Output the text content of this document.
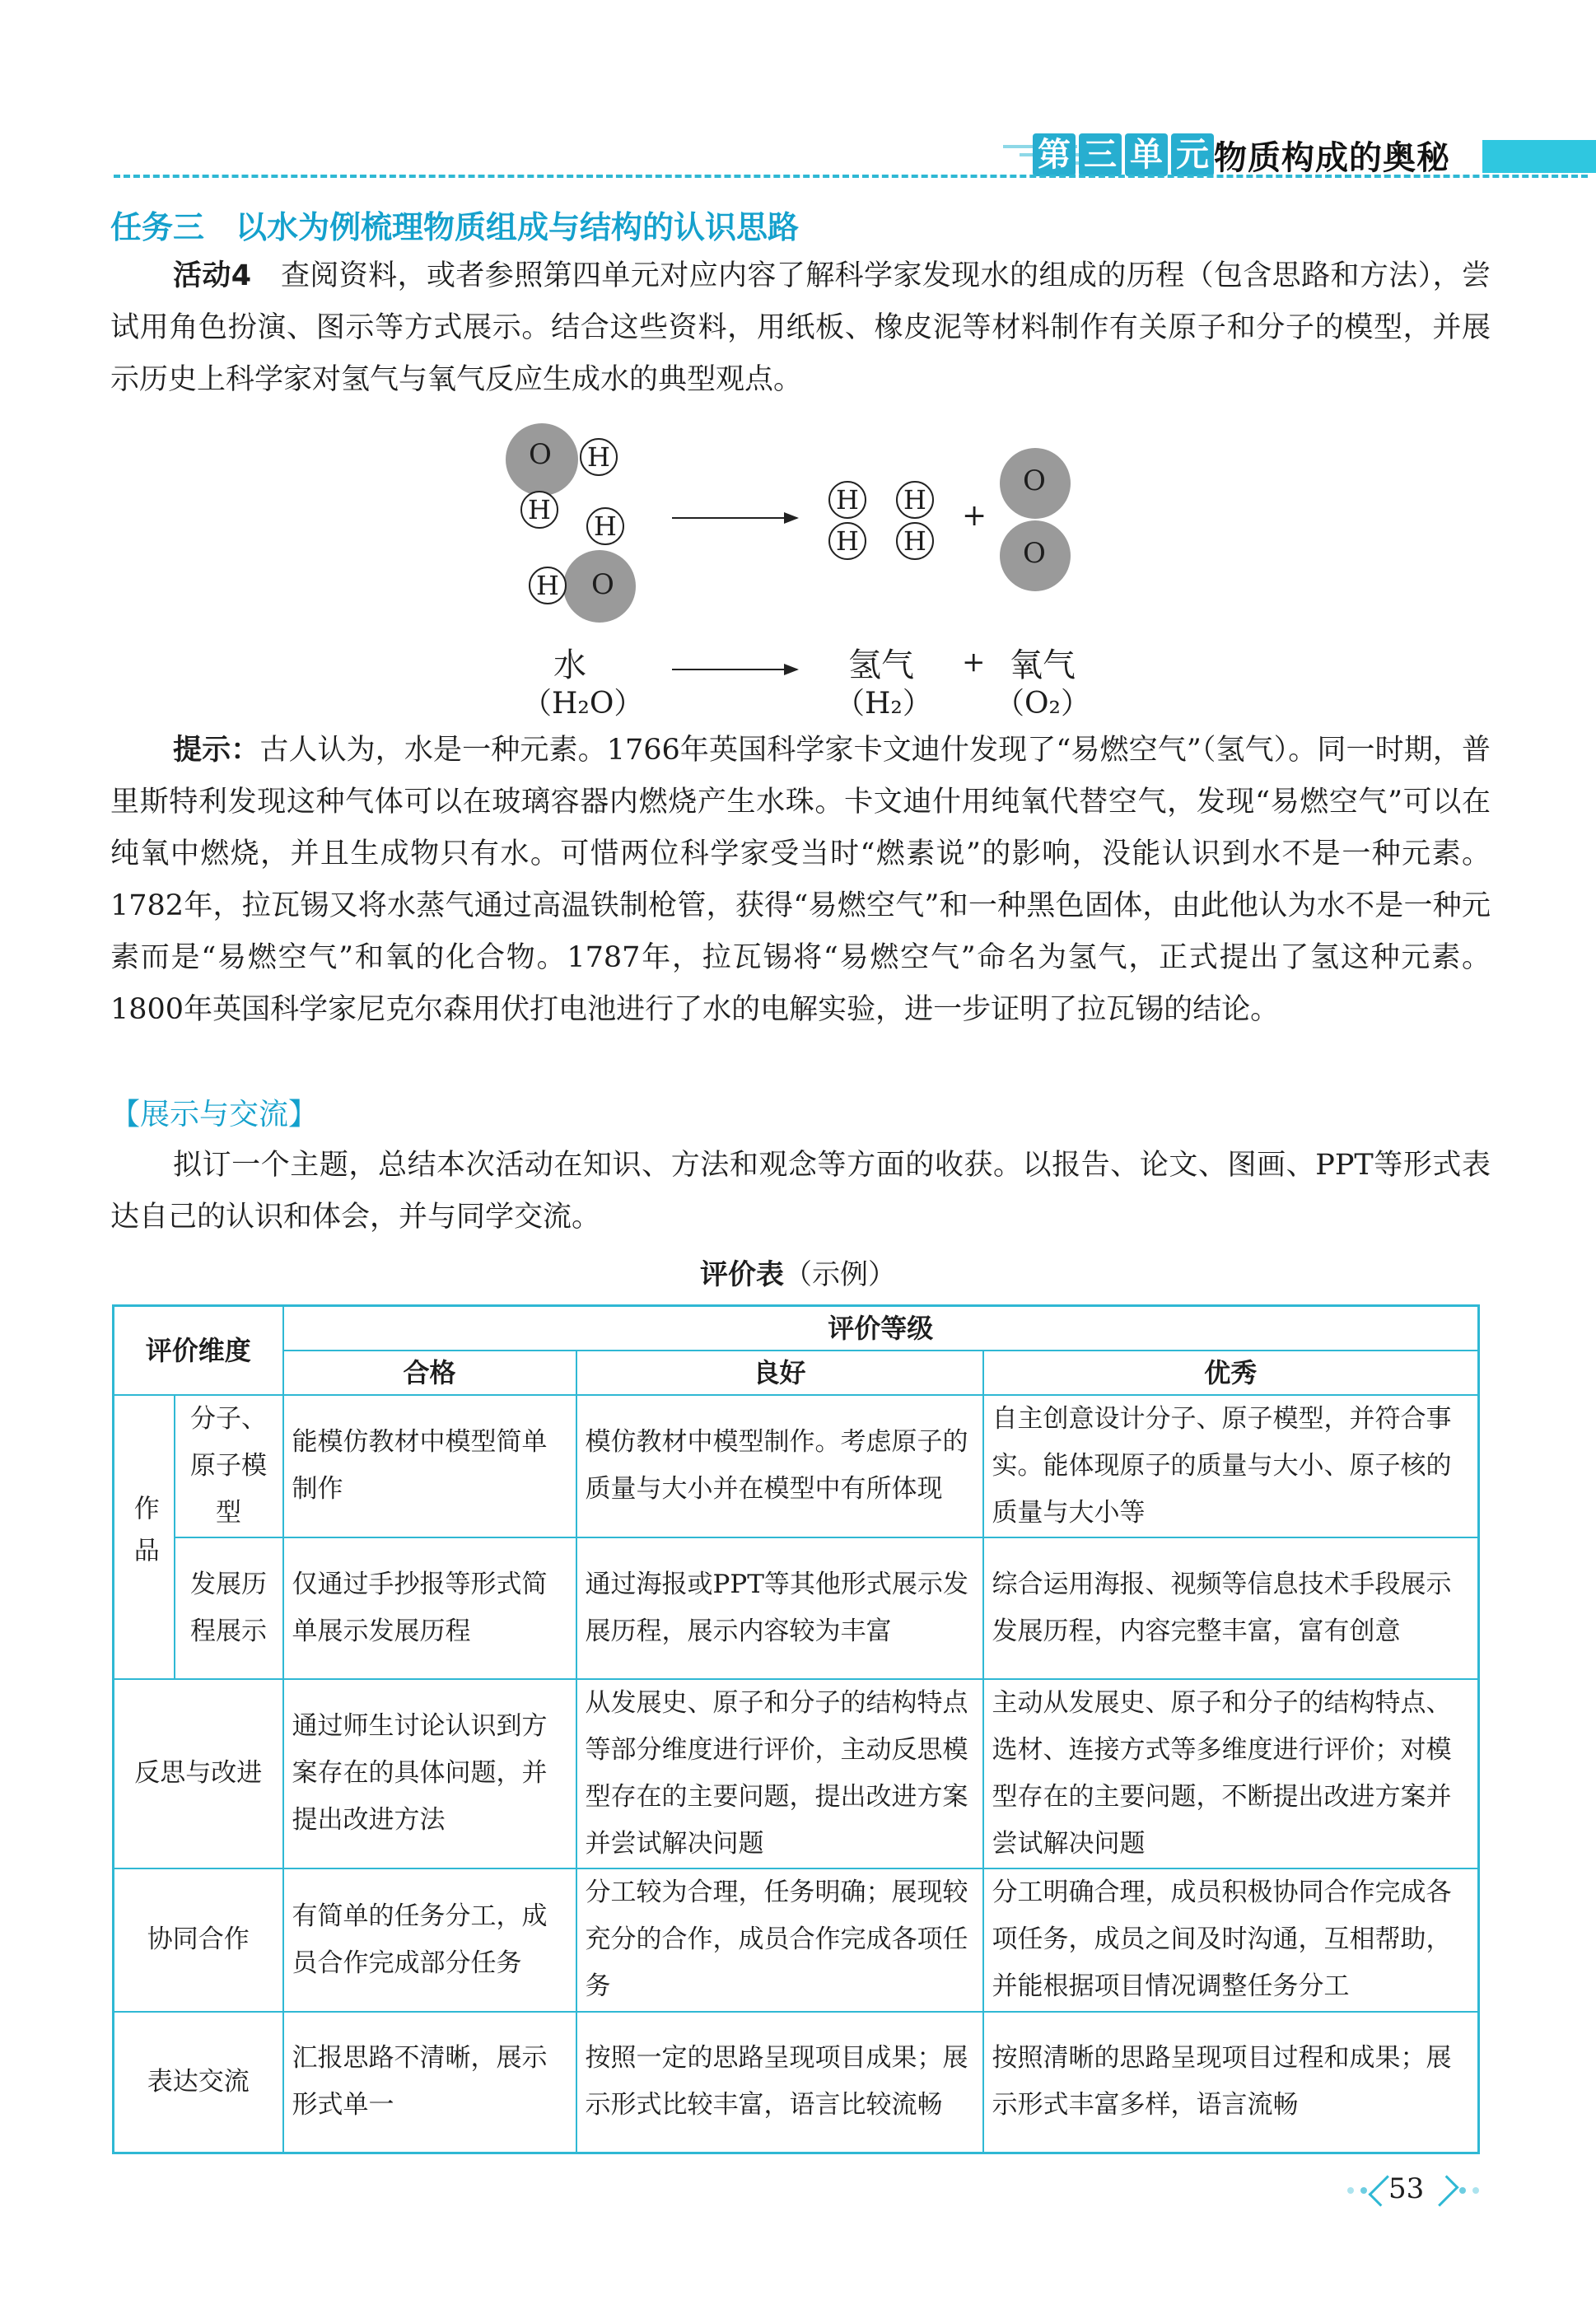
第 三 单 元 物质构成的奥秘
任务三　以水为例梳理物质组成与结构的认识思路
活动4　查阅资料，或者参照第四单元对应内容了解科学家发现水的组成的历程（包含思路和方法），尝试用角色扮演、图示等方式展示。结合这些资料，用纸板、橡皮泥等材料制作有关原子和分子的模型，并展示历史上科学家对氢气与氧气反应生成水的典型观点。
O H
H
H
O
H
H
H
H
H
+
O
O
水
（H₂O）
氢气
（H₂）
+ 氧气
（O₂）
提示：古人认为，水是一种元素。1766年英国科学家卡文迪什发现了“易燃空气”（氢气）。同一时期，普里斯特利发现这种气体可以在玻璃容器内燃烧产生水珠。卡文迪什用纯氧代替空气，发现“易燃空气”可以在纯氧中燃烧，并且生成物只有水。可惜两位科学家受当时“燃素说”的影响，没能认识到水不是一种元素。1782年，拉瓦锡又将水蒸气通过高温铁制枪管，获得“易燃空气”和一种黑色固体，由此他认为水不是一种元素而是“易燃空气”和氧的化合物。1787年，拉瓦锡将“易燃空气”命名为氢气，正式提出了氢这种元素。1800年英国科学家尼克尔森用伏打电池进行了水的电解实验，进一步证明了拉瓦锡的结论。
【展示与交流】
拟订一个主题，总结本次活动在知识、方法和观念等方面的收获。以报告、论文、图画、PPT等形式表达自己的认识和体会，并与同学交流。
评价表（示例）
评价维度		评价等级		
		合格	良好	优秀
作品	分子、原子模型	能模仿教材中模型简单制作	模仿教材中模型制作。考虑原子的质量与大小并在模型中有所体现	自主创意设计分子、原子模型，并符合事实。能体现原子的质量与大小、原子核的质量与大小等
	发展历程展示	仅通过手抄报等形式简单展示发展历程	通过海报或PPT等其他形式展示发展历程，展示内容较为丰富	综合运用海报、视频等信息技术手段展示发展历程，内容完整丰富，富有创意
反思与改进		通过师生讨论认识到方案存在的具体问题，并提出改进方法	从发展史、原子和分子的结构特点等部分维度进行评价，主动反思模型存在的主要问题，提出改进方案并尝试解决问题	主动从发展史、原子和分子的结构特点、选材、连接方式等多维度进行评价；对模型存在的主要问题，不断提出改进方案并尝试解决问题
协同合作		有简单的任务分工，成员合作完成部分任务	分工较为合理，任务明确；展现较充分的合作，成员合作完成各项任务	分工明确合理，成员积极协同合作完成各项任务，成员之间及时沟通，互相帮助，并能根据项目情况调整任务分工
表达交流		汇报思路不清晰，展示形式单一	按照一定的思路呈现项目成果；展示形式比较丰富，语言比较流畅	按照清晰的思路呈现项目过程和成果；展示形式丰富多样，语言流畅
53
